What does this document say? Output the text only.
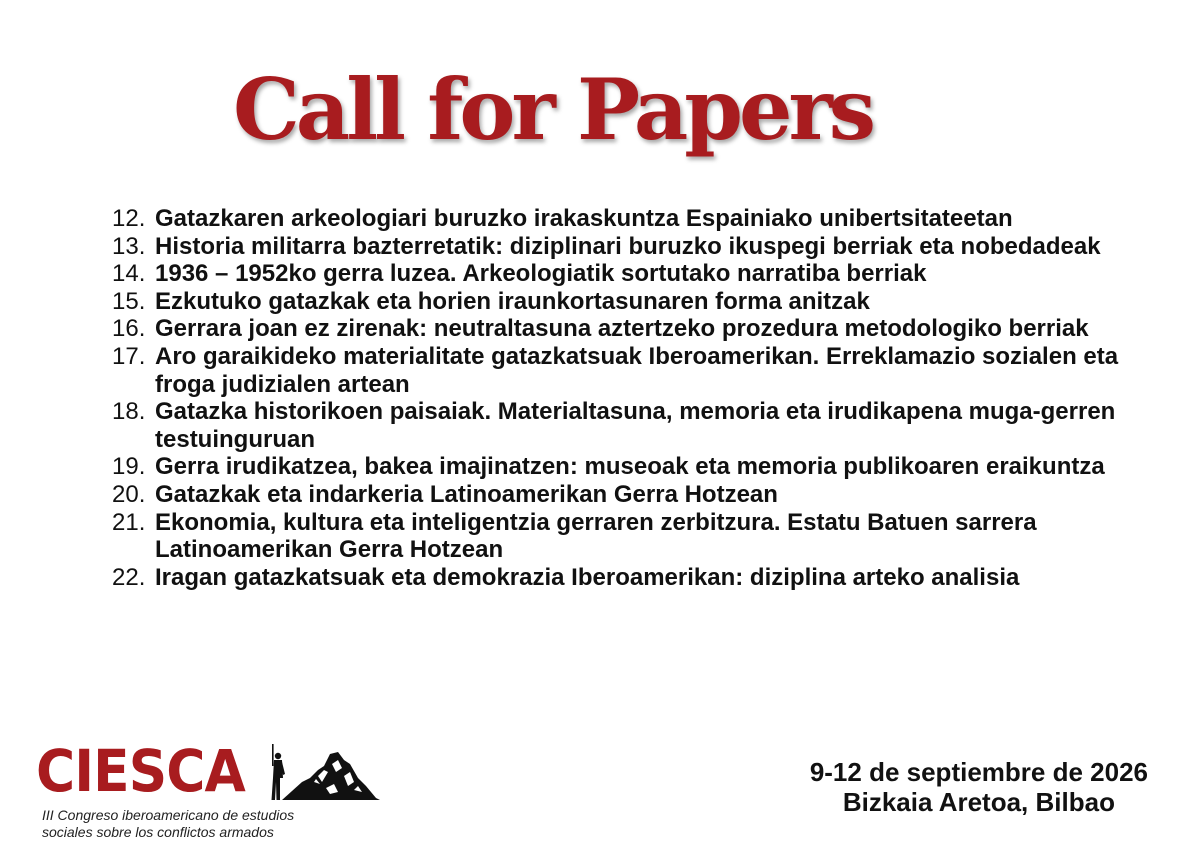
Call for Papers
12. Gatazkaren arkeologiari buruzko irakaskuntza Espainiako unibertsitateetan
13. Historia militarra bazterretatik: diziplinari buruzko ikuspegi berriak eta nobedadeak
14. 1936 – 1952ko gerra luzea. Arkeologiatik sortutako narratiba berriak
15. Ezkutuko gatazkak eta horien iraunkortasunaren forma anitzak
16. Gerrara joan ez zirenak: neutraltasuna aztertzeko prozedura metodologiko berriak
17. Aro garaikideko materialitate gatazkatsuak Iberoamerikan. Erreklamazio sozialen eta froga judizialen artean
18. Gatazka historikoen paisaiak. Materialtasuna, memoria eta irudikapena muga-gerren testuinguruan
19. Gerra irudikatzea, bakea imajinatzen: museoak eta memoria publikoaren eraikuntza
20. Gatazkak eta indarkeria Latinoamerikan Gerra Hotzean
21. Ekonomia, kultura eta inteligentzia gerraren zerbitzura. Estatu Batuen sarrera Latinoamerikan Gerra Hotzean
22. Iragan gatazkatsuak eta demokrazia Iberoamerikan: diziplina arteko analisia
CIESCA
III Congreso iberoamericano de estudios
sociales sobre los conflictos armados
9-12 de septiembre de 2026
Bizkaia Aretoa, Bilbao
